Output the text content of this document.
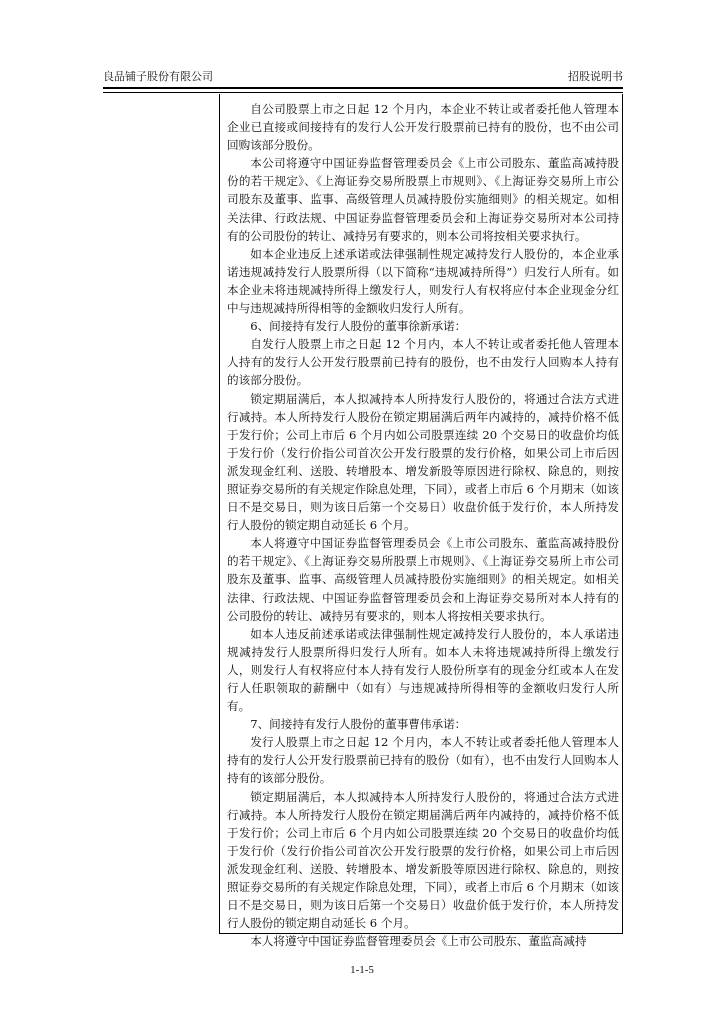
良品铺子股份有限公司	招股说明书

自公司股票上市之日起 12 个月内，本企业不转让或者委托他人管理本企业已直接或间接持有的发行人公开发行股票前已持有的股份，也不由公司回购该部分股份。

本公司将遵守中国证券监督管理委员会《上市公司股东、董监高减持股份的若干规定》、《上海证券交易所股票上市规则》、《上海证券交易所上市公司股东及董事、监事、高级管理人员减持股份实施细则》的相关规定。如相关法律、行政法规、中国证券监督管理委员会和上海证券交易所对本公司持有的公司股份的转让、减持另有要求的，则本公司将按相关要求执行。

如本企业违反上述承诺或法律强制性规定减持发行人股份的，本企业承诺违规减持发行人股票所得（以下简称“违规减持所得”）归发行人所有。如本企业未将违规减持所得上缴发行人，则发行人有权将应付本企业现金分红中与违规减持所得相等的金额收归发行人所有。

6、间接持有发行人股份的董事徐新承诺：

自发行人股票上市之日起 12 个月内，本人不转让或者委托他人管理本人持有的发行人公开发行股票前已持有的股份，也不由发行人回购本人持有的该部分股份。

锁定期届满后，本人拟减持本人所持发行人股份的，将通过合法方式进行减持。本人所持发行人股份在锁定期届满后两年内减持的，减持价格不低于发行价；公司上市后 6 个月内如公司股票连续 20 个交易日的收盘价均低于发行价（发行价指公司首次公开发行股票的发行价格，如果公司上市后因派发现金红利、送股、转增股本、增发新股等原因进行除权、除息的，则按照证券交易所的有关规定作除息处理，下同），或者上市后 6 个月期末（如该日不是交易日，则为该日后第一个交易日）收盘价低于发行价，本人所持发行人股份的锁定期自动延长 6 个月。

本人将遵守中国证券监督管理委员会《上市公司股东、董监高减持股份的若干规定》、《上海证券交易所股票上市规则》、《上海证券交易所上市公司股东及董事、监事、高级管理人员减持股份实施细则》的相关规定。如相关法律、行政法规、中国证券监督管理委员会和上海证券交易所对本人持有的公司股份的转让、减持另有要求的，则本人将按相关要求执行。

如本人违反前述承诺或法律强制性规定减持发行人股份的，本人承诺违规减持发行人股票所得归发行人所有。如本人未将违规减持所得上缴发行人，则发行人有权将应付本人持有发行人股份所享有的现金分红或本人在发行人任职领取的薪酬中（如有）与违规减持所得相等的金额收归发行人所有。

7、间接持有发行人股份的董事曹伟承诺：

发行人股票上市之日起 12 个月内，本人不转让或者委托他人管理本人持有的发行人公开发行股票前已持有的股份（如有），也不由发行人回购本人持有的该部分股份。

锁定期届满后，本人拟减持本人所持发行人股份的，将通过合法方式进行减持。本人所持发行人股份在锁定期届满后两年内减持的，减持价格不低于发行价；公司上市后 6 个月内如公司股票连续 20 个交易日的收盘价均低于发行价（发行价指公司首次公开发行股票的发行价格，如果公司上市后因派发现金红利、送股、转增股本、增发新股等原因进行除权、除息的，则按照证券交易所的有关规定作除息处理，下同），或者上市后 6 个月期末（如该日不是交易日，则为该日后第一个交易日）收盘价低于发行价，本人所持发行人股份的锁定期自动延长 6 个月。

本人将遵守中国证券监督管理委员会《上市公司股东、董监高减持

1-1-5
